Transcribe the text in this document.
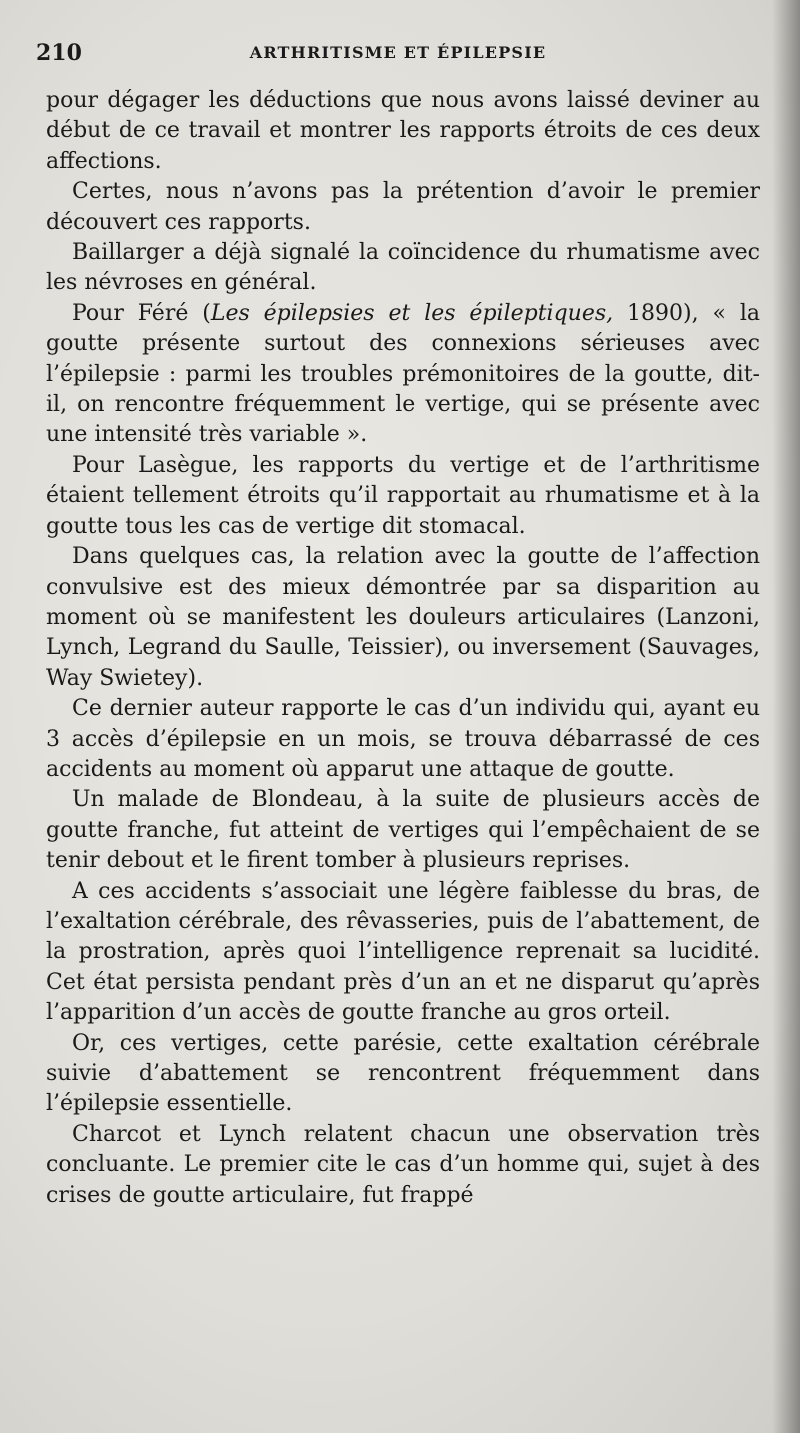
210	ARTHRITISME ET ÉPILEPSIE

pour dégager les déductions que nous avons laissé deviner au début de ce travail et montrer les rapports étroits de ces deux affections.

Certes, nous n’avons pas la prétention d’avoir le premier découvert ces rapports.

Baillarger a déjà signalé la coïncidence du rhumatisme avec les névroses en général.

Pour Féré (Les épilepsies et les épileptiques, 1890), « la goutte présente surtout des connexions sérieuses avec l’épilepsie : parmi les troubles prémonitoires de la goutte, dit-il, on rencontre fréquemment le vertige, qui se présente avec une intensité très variable ».

Pour Lasègue, les rapports du vertige et de l’arthritisme étaient tellement étroits qu’il rapportait au rhumatisme et à la goutte tous les cas de vertige dit stomacal.

Dans quelques cas, la relation avec la goutte de l’affection convulsive est des mieux démontrée par sa disparition au moment où se manifestent les douleurs articulaires (Lanzoni, Lynch, Legrand du Saulle, Teissier), ou inversement (Sauvages, Way Swietey).

Ce dernier auteur rapporte le cas d’un individu qui, ayant eu 3 accès d’épilepsie en un mois, se trouva débarrassé de ces accidents au moment où apparut une attaque de goutte.

Un malade de Blondeau, à la suite de plusieurs accès de goutte franche, fut atteint de vertiges qui l’empêchaient de se tenir debout et le firent tomber à plusieurs reprises.

A ces accidents s’associait une légère faiblesse du bras, de l’exaltation cérébrale, des rêvasseries, puis de l’abattement, de la prostration, après quoi l’intelligence reprenait sa lucidité. Cet état persista pendant près d’un an et ne disparut qu’après l’apparition d’un accès de goutte franche au gros orteil.

Or, ces vertiges, cette parésie, cette exaltation cérébrale suivie d’abattement se rencontrent fréquemment dans l’épilepsie essentielle.

Charcot et Lynch relatent chacun une observation très concluante. Le premier cite le cas d’un homme qui, sujet à des crises de goutte articulaire, fut frappé
